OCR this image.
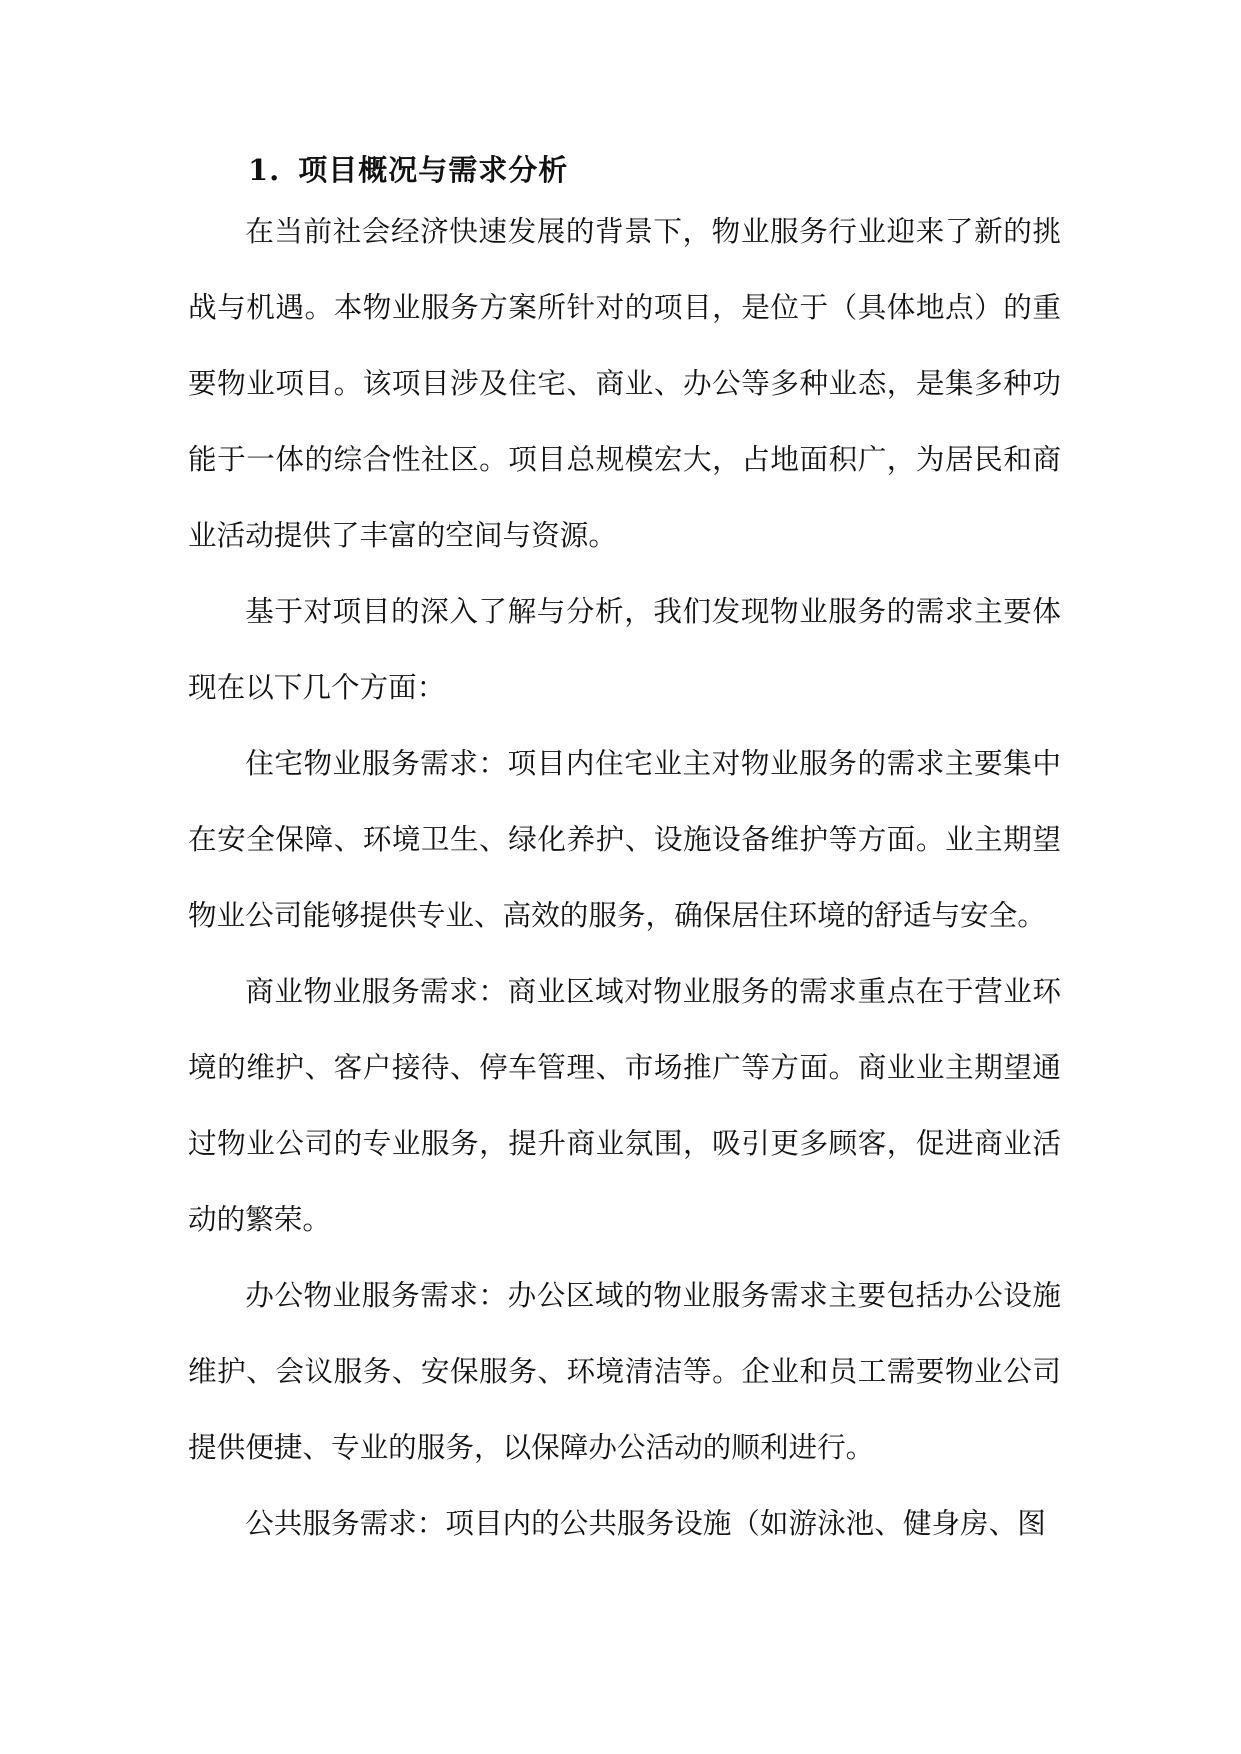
1. 项目概况与需求分析

在当前社会经济快速发展的背景下，物业服务行业迎来了新的挑战与机遇。本物业服务方案所针对的项目，是位于（具体地点）的重要物业项目。该项目涉及住宅、商业、办公等多种业态，是集多种功能于一体的综合性社区。项目总规模宏大，占地面积广，为居民和商业活动提供了丰富的空间与资源。

基于对项目的深入了解与分析，我们发现物业服务的需求主要体现在以下几个方面：

住宅物业服务需求：项目内住宅业主对物业服务的需求主要集中在安全保障、环境卫生、绿化养护、设施设备维护等方面。业主期望物业公司能够提供专业、高效的服务，确保居住环境的舒适与安全。

商业物业服务需求：商业区域对物业服务的需求重点在于营业环境的维护、客户接待、停车管理、市场推广等方面。商业业主期望通过物业公司的专业服务，提升商业氛围，吸引更多顾客，促进商业活动的繁荣。

办公物业服务需求：办公区域的物业服务需求主要包括办公设施维护、会议服务、安保服务、环境清洁等。企业和员工需要物业公司提供便捷、专业的服务，以保障办公活动的顺利进行。

公共服务需求：项目内的公共服务设施（如游泳池、健身房、图
